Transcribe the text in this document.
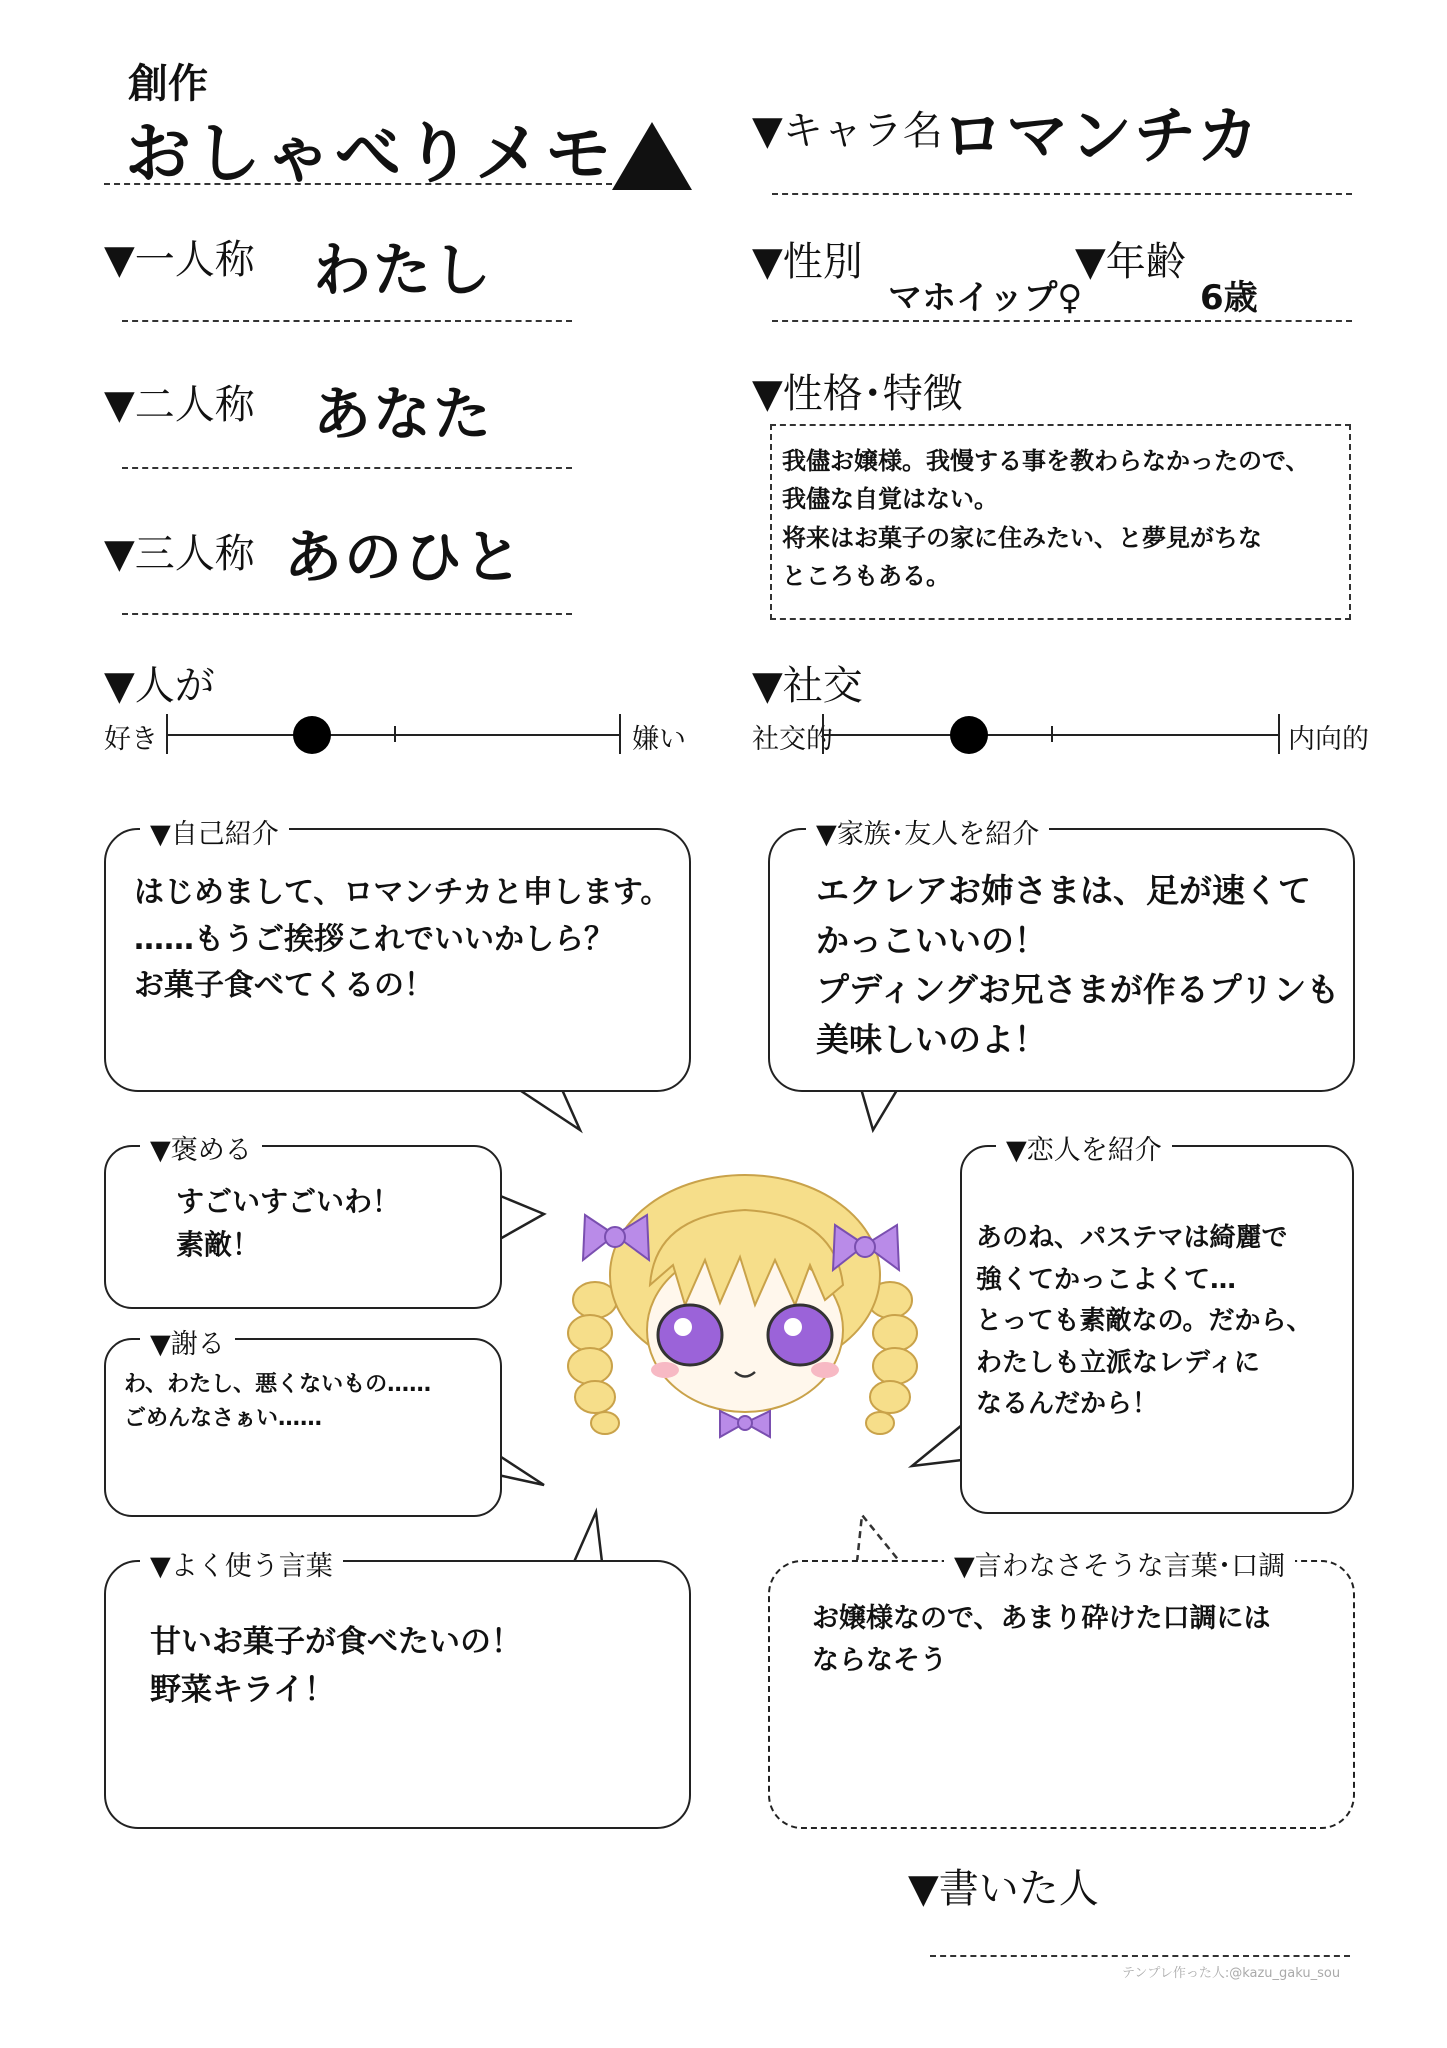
創作
おしゃべりメモ
▼一人称 わたし
▼二人称 あなた
▼三人称 あのひと
▼キャラ名 ロマンチカ
▼性別
マホイップ♀
▼年齢
6歳
▼性格･特徴
我儘お嬢様。我慢する事を教わらなかったので、
我儘な自覚はない。
将来はお菓子の家に住みたい、と夢見がちな
ところもある。
▼人が
好き	嫌い
▼社交
社交的	内向的
▼自己紹介
はじめまして、ロマンチカと申します。
……もうご挨拶これでいいかしら？
お菓子食べてくるの！
▼家族･友人を紹介
エクレアお姉さまは、足が速くて
かっこいいの！
プディングお兄さまが作るプリンも
美味しいのよ！
▼褒める
すごいすごいわ！
素敵！
▼謝る
わ、わたし、悪くないもの……
ごめんなさぁい……
▼恋人を紹介
あのね、パステマは綺麗で
強くてかっこよくて…
とっても素敵なの。だから、
わたしも立派なレディに
なるんだから！
▼よく使う言葉
甘いお菓子が食べたいの！
野菜キライ！
▼言わなさそうな言葉･口調
お嬢様なので、あまり砕けた口調には
ならなそう
▼書いた人
テンプレ作った人:@kazu_gaku_sou
